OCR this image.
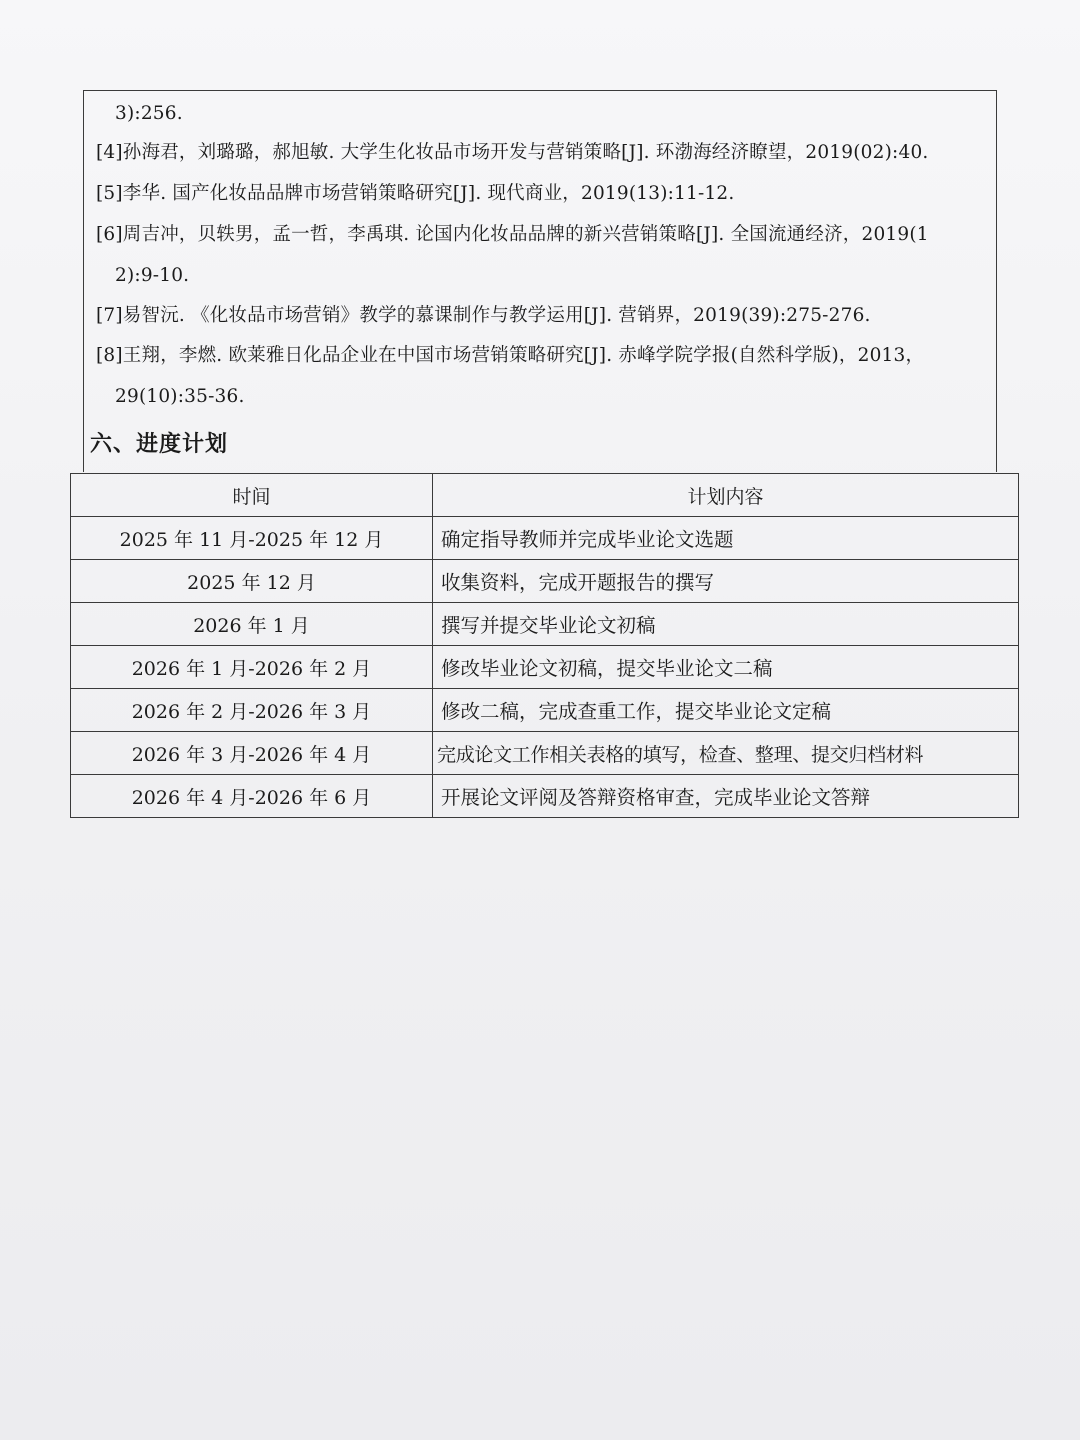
3):256.
[4]孙海君，刘璐璐，郝旭敏. 大学生化妆品市场开发与营销策略[J]. 环渤海经济瞭望，2019(02):40.
[5]李华. 国产化妆品品牌市场营销策略研究[J]. 现代商业，2019(13):11-12.
[6]周吉冲，贝轶男，孟一哲，李禹琪. 论国内化妆品品牌的新兴营销策略[J]. 全国流通经济，2019(1
2):9-10.
[7]易智沅. 《化妆品市场营销》教学的慕课制作与教学运用[J]. 营销界，2019(39):275-276.
[8]王翔，李燃. 欧莱雅日化品企业在中国市场营销策略研究[J]. 赤峰学院学报(自然科学版)，2013，
29(10):35-36.
六、进度计划
时间	计划内容
2025 年 11 月-2025 年 12 月	确定指导教师并完成毕业论文选题
2025 年 12 月	收集资料，完成开题报告的撰写
2026 年 1 月	撰写并提交毕业论文初稿
2026 年 1 月-2026 年 2 月	修改毕业论文初稿，提交毕业论文二稿
2026 年 2 月-2026 年 3 月	修改二稿，完成查重工作，提交毕业论文定稿
2026 年 3 月-2026 年 4 月	完成论文工作相关表格的填写，检查、整理、提交归档材料
2026 年 4 月-2026 年 6 月	开展论文评阅及答辩资格审查，完成毕业论文答辩
